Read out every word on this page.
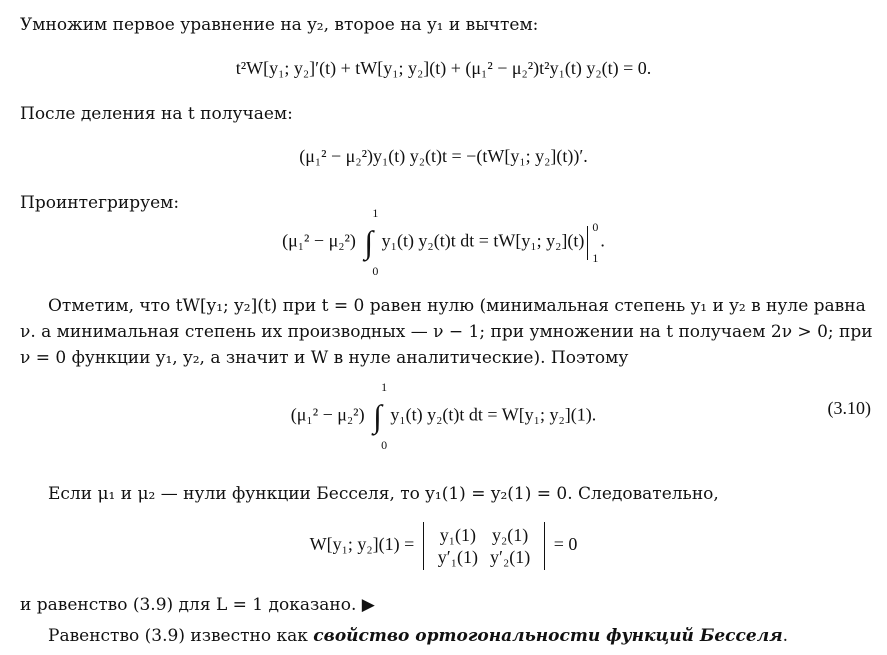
Умножим первое уравнение на y₂, второе на y₁ и вычтем:
t²W[y₁; y₂]′(t) + tW[y₁; y₂](t) + (μ₁² − μ₂²)t²y₁(t) y₂(t) = 0.
После деления на t получаем:
(μ₁² − μ₂²)y₁(t) y₂(t)t = −(tW[y₁; y₂](t))′.
Проинтегрируем:
(μ₁² − μ₂²) ∫
1
0
y₁(t) y₂(t)t dt = tW[y₁; y₂](t)
0
1
.
Отметим, что tW[y₁; y₂](t) при t = 0 равен нулю (минимальная степень y₁ и y₂ в нуле равна
ν. а минимальная степень их производных — ν − 1; при умножении на t получаем 2ν > 0; при
ν = 0 функции y₁, y₂, а значит и W в нуле аналитические). Поэтому
(μ₁² − μ₂²) ∫
1
0
y₁(t) y₂(t)t dt = W[y₁; y₂](1).	(3.10)
Если μ₁ и μ₂ — нули функции Бесселя, то y₁(1) = y₂(1) = 0. Следовательно,
W[y₁; y₂](1) = y₁(1)	y₂(1)
y′₁(1)	y′₂(1)
= 0
и равенство (3.9) для L = 1 доказано. ▶
Равенство (3.9) известно как свойство ортогональности функций Бесселя.
